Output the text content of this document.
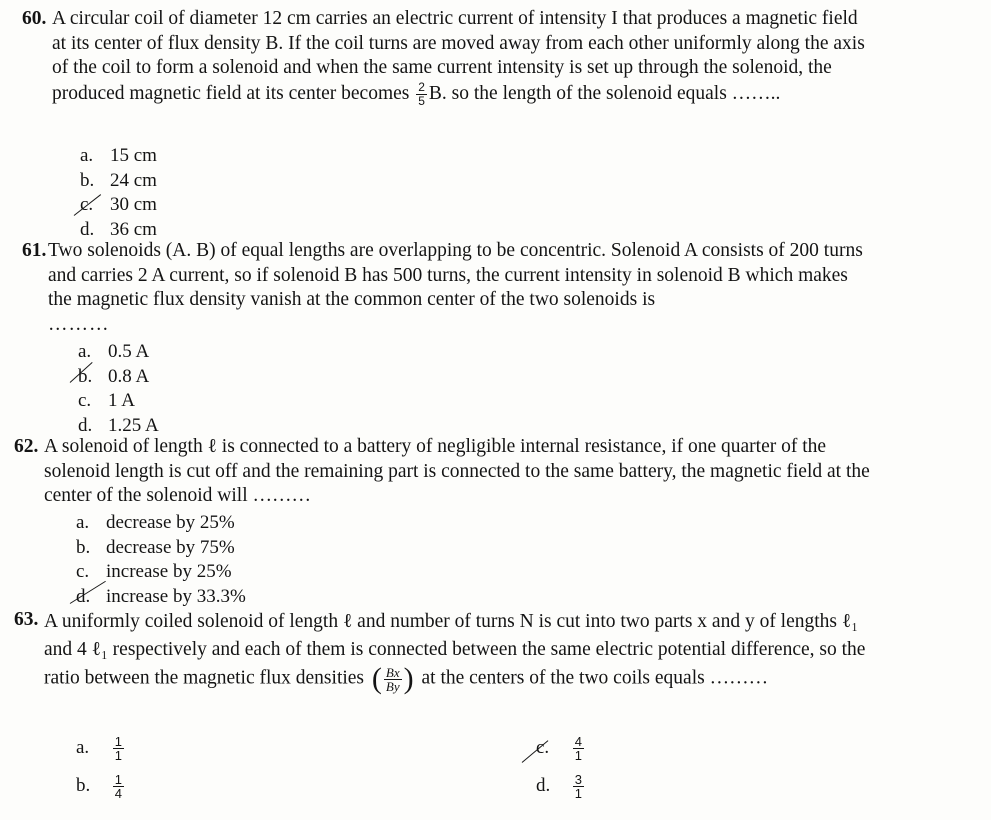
60. A circular coil of diameter 12 cm carries an electric current of intensity I that produces a magnetic field at its center of flux density B. If the coil turns are moved away from each other uniformly along the axis of the coil to form a solenoid and when the same current intensity is set up through the solenoid, the produced magnetic field at its center becomes $\frac{2}{5} B$. so the length of the solenoid equals ……..
a. 15 cm
b. 24 cm
c. 30 cm
d. 36 cm
61. Two solenoids (A. B) of equal lengths are overlapping to be concentric. Solenoid A consists of 200 turns and carries 2 A current, so if solenoid B has 500 turns, the current intensity in solenoid B which makes the magnetic flux density vanish at the common center of the two solenoids is
………
a. 0.5 A
b. 0.8 A
c. 1 A
d. 1.25 A
62. A solenoid of length ℓ is connected to a battery of negligible internal resistance, if one quarter of the solenoid length is cut off and the remaining part is connected to the same battery, the magnetic field at the center of the solenoid will ………
a. decrease by 25%
b. decrease by 75%
c. increase by 25%
d. increase by 33.3%
63. A uniformly coiled solenoid of length ℓ and number of turns N is cut into two parts x and y of lengths ℓ₁ and 4 ℓ₁ respectively and each of them is connected between the same electric potential difference, so the ratio between the magnetic flux densities ( $\frac{Bx}{By}$ ) at the centers of the two coils equals ………
a. $\frac{1}{1}$
b. $\frac{1}{4}$
c. $\frac{4}{1}$
d. $\frac{3}{1}$
